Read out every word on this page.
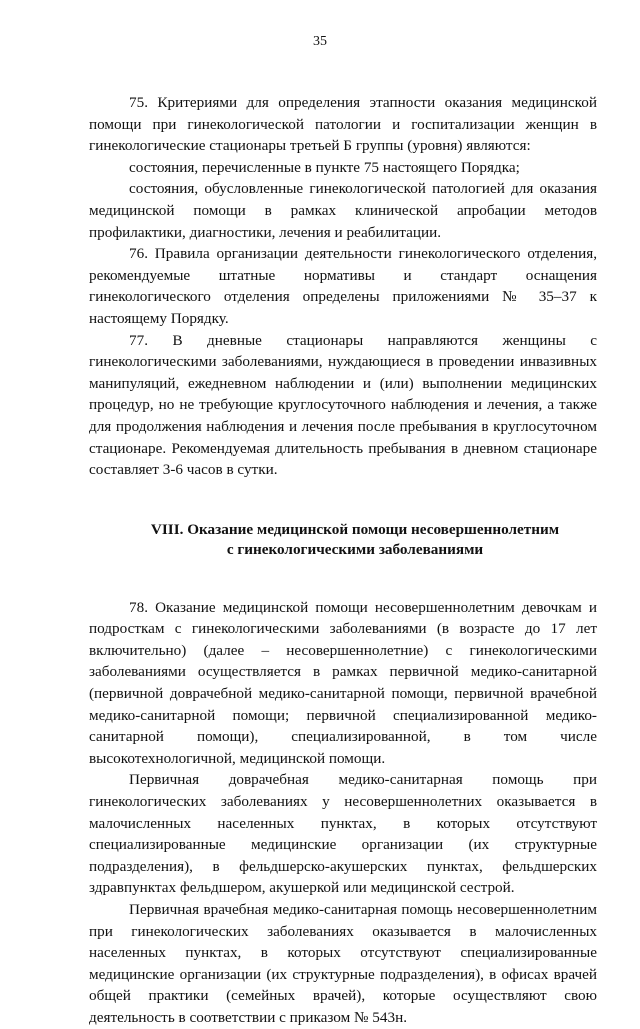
35

75. Критериями для определения этапности оказания медицинской помощи при гинекологической патологии и госпитализации женщин в гинекологические стационары третьей Б группы (уровня) являются:

состояния, перечисленные в пункте 75 настоящего Порядка;

состояния, обусловленные гинекологической патологией для оказания медицинской помощи в рамках клинической апробации методов профилактики, диагностики, лечения и реабилитации.

76. Правила организации деятельности гинекологического отделения, рекомендуемые штатные нормативы и стандарт оснащения гинекологического отделения определены приложениями № 35–37 к настоящему Порядку.

77. В дневные стационары направляются женщины с гинекологическими заболеваниями, нуждающиеся в проведении инвазивных манипуляций, ежедневном наблюдении и (или) выполнении медицинских процедур, но не требующие круглосуточного наблюдения и лечения, а также для продолжения наблюдения и лечения после пребывания в круглосуточном стационаре. Рекомендуемая длительность пребывания в дневном стационаре составляет 3-6 часов в сутки.

VIII. Оказание медицинской помощи несовершеннолетним
с гинекологическими заболеваниями

78. Оказание медицинской помощи несовершеннолетним девочкам и подросткам с гинекологическими заболеваниями (в возрасте до 17 лет включительно) (далее – несовершеннолетние) с гинекологическими заболеваниями осуществляется в рамках первичной медико-санитарной (первичной доврачебной медико-санитарной помощи, первичной врачебной медико-санитарной помощи; первичной специализированной медико-санитарной помощи), специализированной, в том числе высокотехнологичной, медицинской помощи.

Первичная доврачебная медико-санитарная помощь при гинекологических заболеваниях у несовершеннолетних оказывается в малочисленных населенных пунктах, в которых отсутствуют специализированные медицинские организации (их структурные подразделения), в фельдшерско-акушерских пунктах, фельдшерских здравпунктах фельдшером, акушеркой или медицинской сестрой.

Первичная врачебная медико-санитарная помощь несовершеннолетним при гинекологических заболеваниях оказывается в малочисленных населенных пунктах, в которых отсутствуют специализированные медицинские организации (их структурные подразделения), в офисах врачей общей практики (семейных врачей), которые осуществляют свою деятельность в соответствии с приказом № 543н.
